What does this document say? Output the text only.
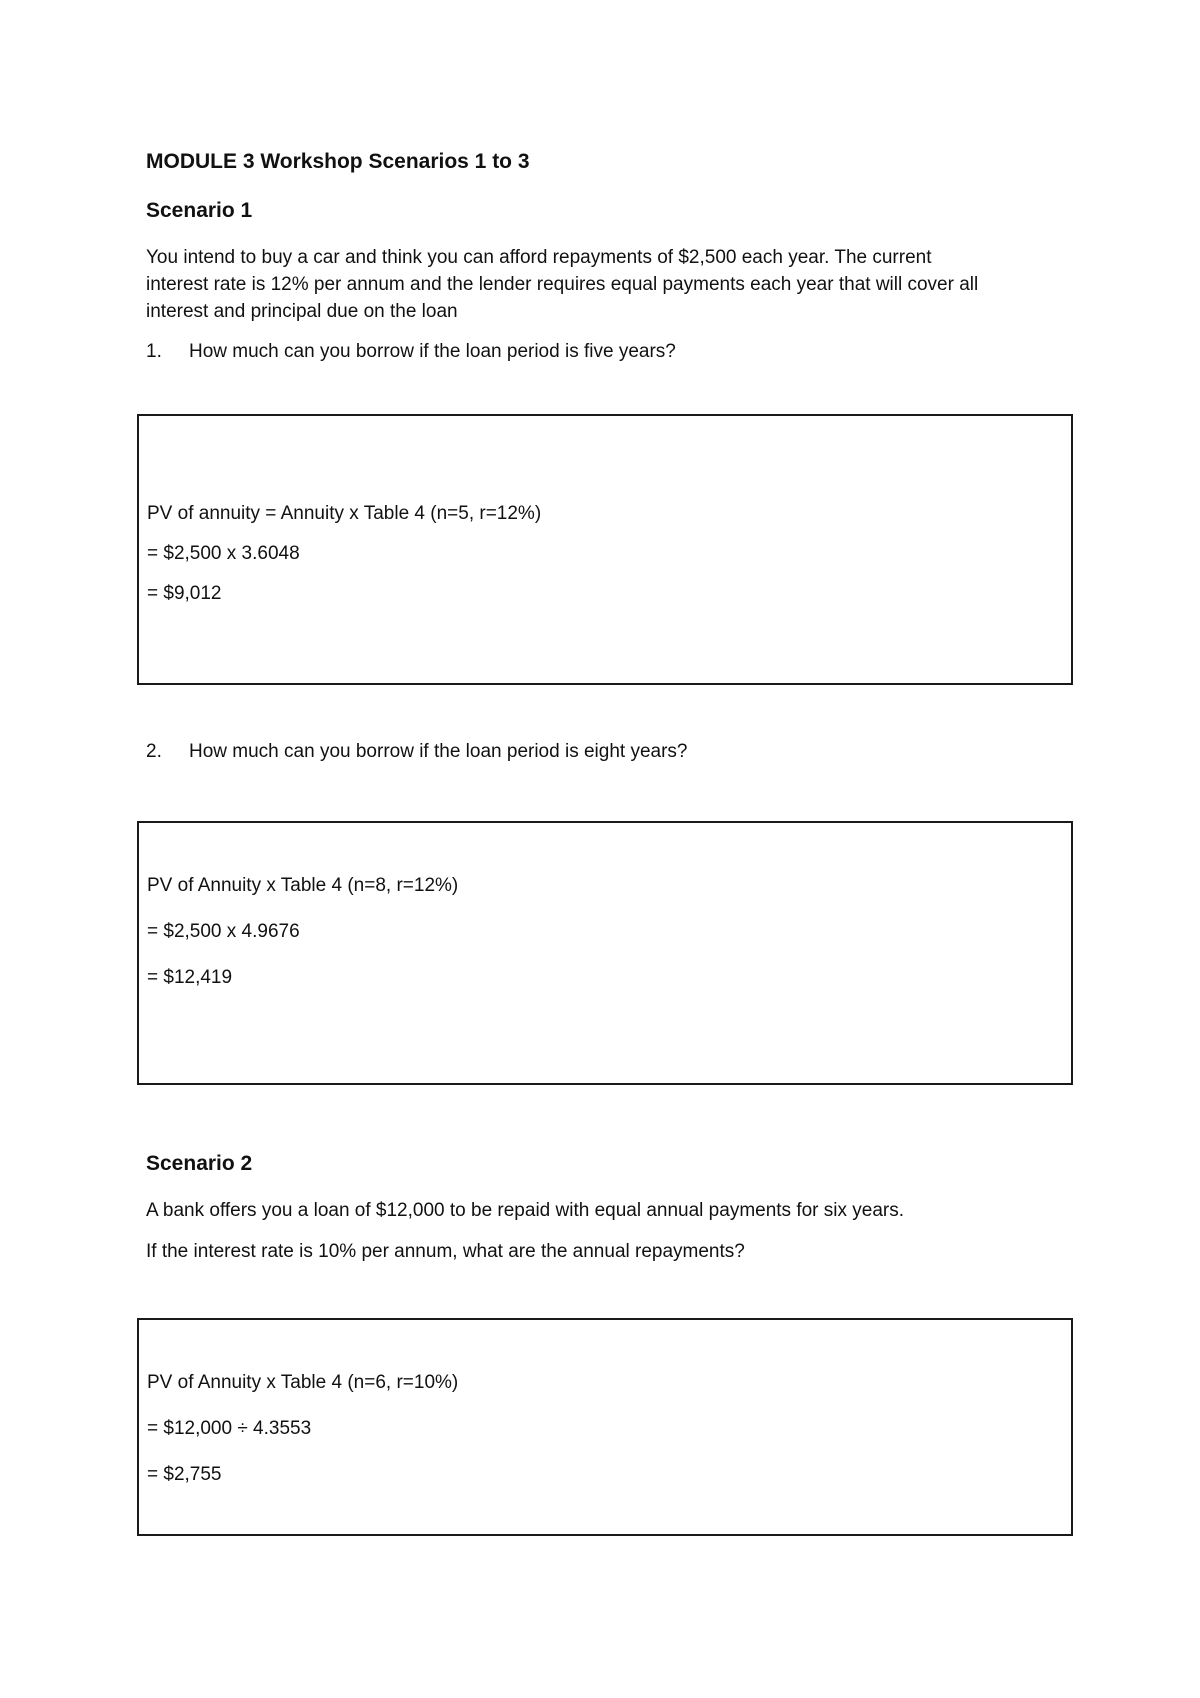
MODULE 3 Workshop Scenarios 1 to 3
Scenario 1
You intend to buy a car and think you can afford repayments of $2,500 each year. The current
interest rate is 12% per annum and the lender requires equal payments each year that will cover all
interest and principal due on the loan
1. How much can you borrow if the loan period is five years?
PV of annuity = Annuity x Table 4 (n=5, r=12%)
= $2,500 x 3.6048
= $9,012
2. How much can you borrow if the loan period is eight years?
PV of Annuity x Table 4 (n=8, r=12%)
= $2,500 x 4.9676
= $12,419
Scenario 2
A bank offers you a loan of $12,000 to be repaid with equal annual payments for six years.
If the interest rate is 10% per annum, what are the annual repayments?
PV of Annuity x Table 4 (n=6, r=10%)
= $12,000 ÷ 4.3553
= $2,755
